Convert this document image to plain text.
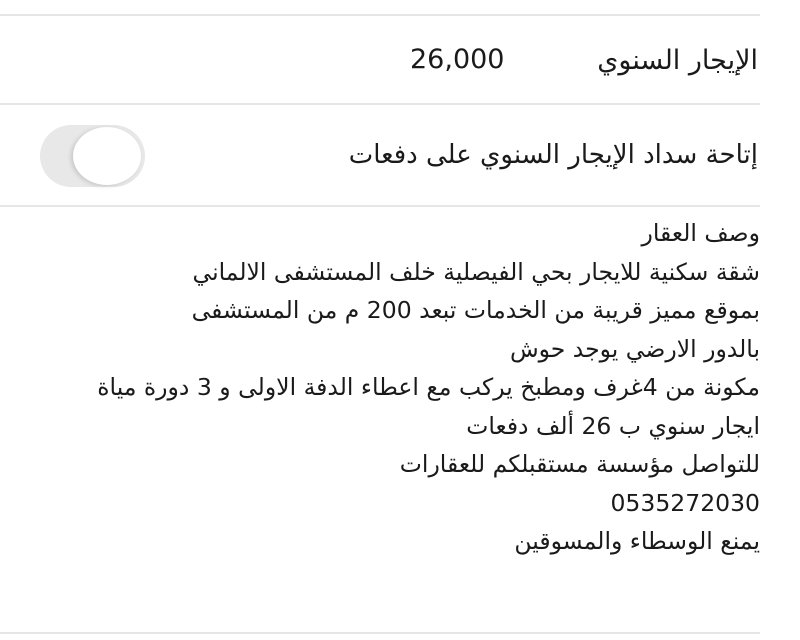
الإيجار السنوي
26,000
إتاحة سداد الإيجار السنوي على دفعات
وصف العقار
شقة سكنية للايجار بحي الفيصلية خلف المستشفى الالماني
بموقع مميز قريبة من الخدمات تبعد 200 م من المستشفى
بالدور الارضي يوجد حوش
مكونة من 4غرف ومطبخ يركب مع اعطاء الدفة الاولى و 3 دورة مياة
ايجار سنوي ب 26 ألف دفعات
للتواصل مؤسسة مستقبلكم للعقارات
0535272030
يمنع الوسطاء والمسوقين
